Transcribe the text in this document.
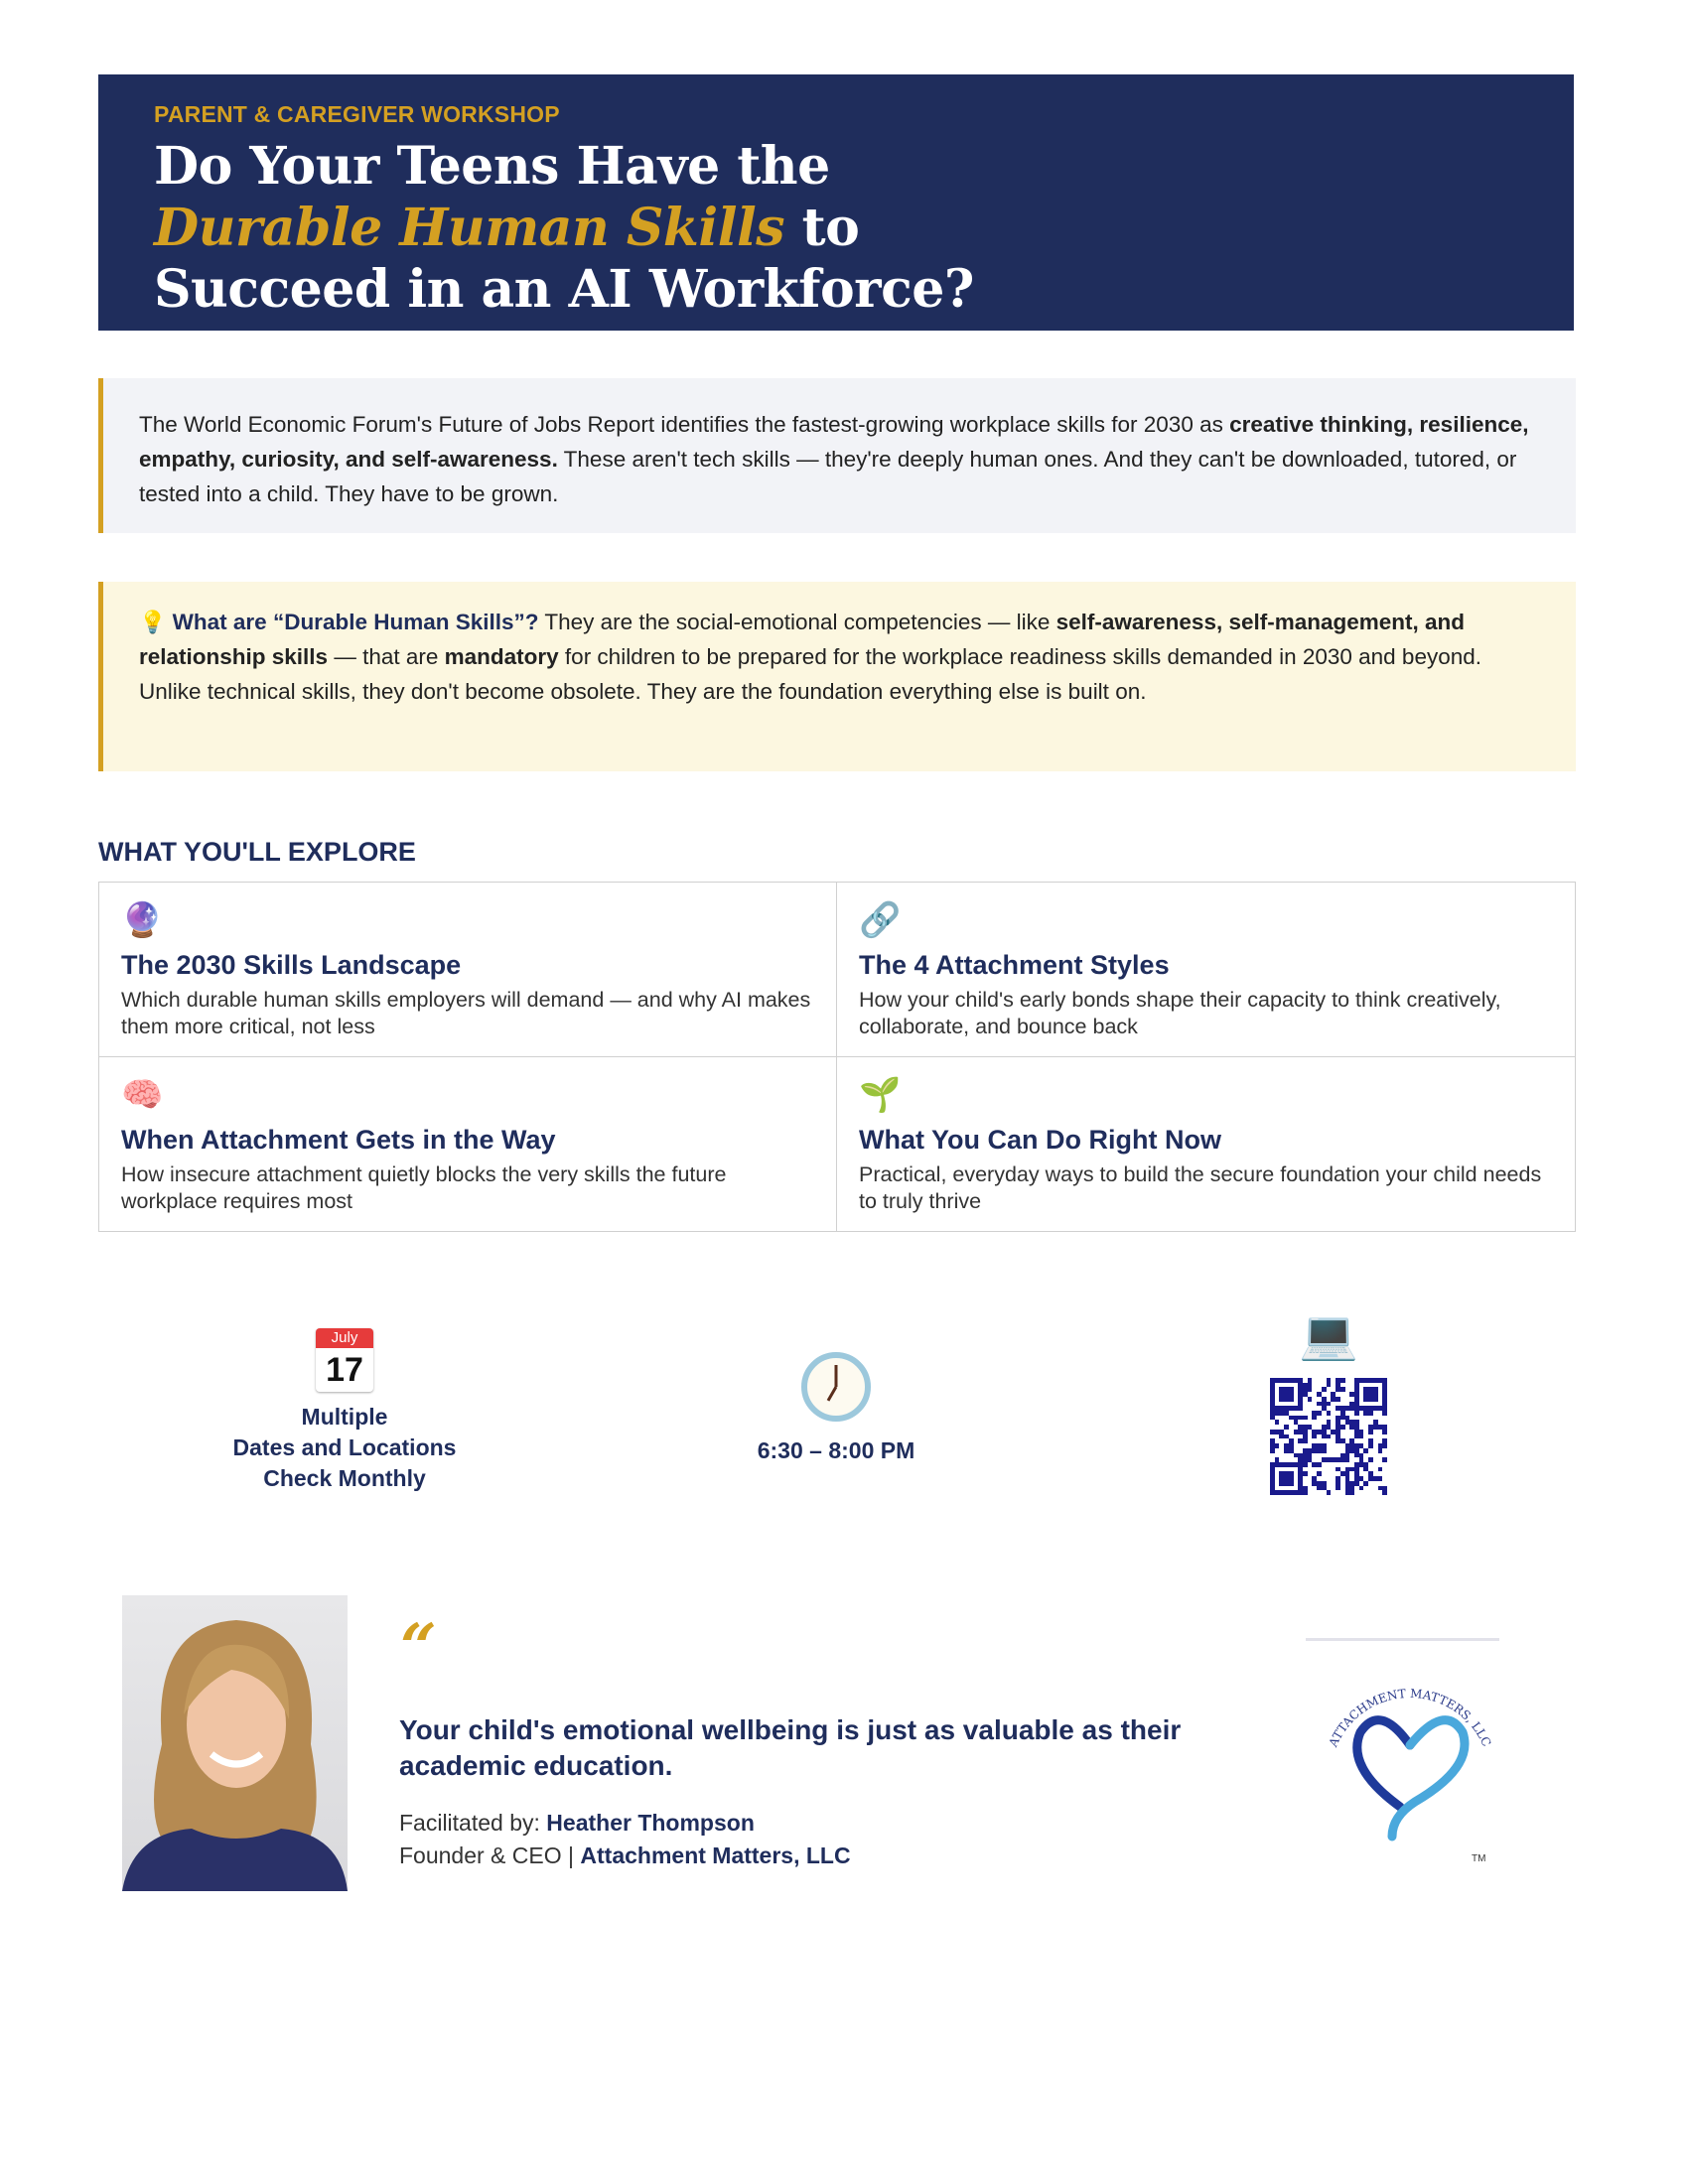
PARENT & CAREGIVER WORKSHOP
Do Your Teens Have the
Durable Human Skills to
Succeed in an AI Workforce?
The World Economic Forum's Future of Jobs Report identifies the fastest-growing workplace skills for 2030 as creative thinking, resilience, empathy, curiosity, and self-awareness. These aren't tech skills — they're deeply human ones. And they can't be downloaded, tutored, or tested into a child. They have to be grown.
💡 What are “Durable Human Skills”? They are the social-emotional competencies — like self-awareness, self-management, and relationship skills — that are mandatory for children to be prepared for the workplace readiness skills demanded in 2030 and beyond. Unlike technical skills, they don't become obsolete. They are the foundation everything else is built on.
WHAT YOU'LL EXPLORE
🔮
The 2030 Skills Landscape
Which durable human skills employers will demand — and why AI makes them more critical, not less
🔗
The 4 Attachment Styles
How your child's early bonds shape their capacity to think creatively, collaborate, and bounce back
🧠
When Attachment Gets in the Way
How insecure attachment quietly blocks the very skills the future workplace requires most
🌱
What You Can Do Right Now
Practical, everyday ways to build the secure foundation your child needs to truly thrive
July
17
Multiple
Dates and Locations
Check Monthly
6:30 – 8:00 PM
💻
“
Your child's emotional wellbeing is just as valuable as their academic education.
Facilitated by: Heather Thompson
Founder & CEO | Attachment Matters, LLC
ATTACHMENT MATTERS, LLC
TM
